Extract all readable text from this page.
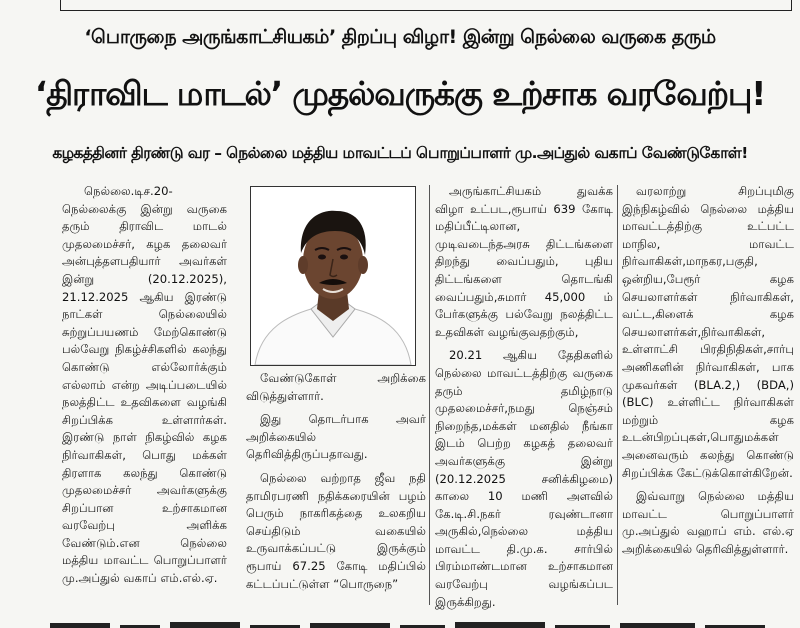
‘பொருநை அருங்காட்சியகம்’ திறப்பு விழா! இன்று நெல்லை வருகை தரும்
‘திராவிட மாடல்’ முதல்வருக்கு உற்சாக வரவேற்பு!
கழகத்தினர் திரண்டு வர – நெல்லை மத்திய மாவட்டப் பொறுப்பாளர் மு.அப்துல் வகாப் வேண்டுகோள்!

நெல்லை.டிச.20- நெல்லைக்கு இன்று வருகை தரும் திராவிட மாடல் முதலமைச்சர், கழக தலைவர் அன்புத்தளபதியார் அவர்கள் இன்று (20.12.2025), 21.12.2025 ஆகிய இரண்டு நாட்கள் நெல்லையில் சுற்றுப்பயணம் மேற்கொண்டு பல்வேறு நிகழ்ச்சிகளில் கலந்து கொண்டு எல்லோர்க்கும் எல்லாம் என்ற அடிப்படையில் நலத்திட்ட உதவிகளை வழங்கி சிறப்பிக்க உள்ளார்கள். இரண்டு நாள் நிகழ்வில் கழக நிர்வாகிகள், பொது மக்கள் திரளாக கலந்து கொண்டு முதலமைச்சர் அவர்களுக்கு சிறப்பான உற்சாகமான வரவேற்பு அளிக்க வேண்டும்.என நெல்லை மத்திய மாவட்ட பொறுப்பாளர் மு.அப்துல் வகாப் எம்.எல்.ஏ.

வேண்டுகோள் அறிக்கை விடுத்துள்ளார்.

இது தொடர்பாக அவர் அறிக்கையில் தெரிவித்திருப்பதாவது.

நெல்லை வற்றாத ஜீவ நதி தாமிரபரணி நதிக்கரையின் பழம் பெரும் நாகரிகத்தை உலகறிய செய்திடும் வகையில் உருவாக்கப்பட்டு இருக்கும் ரூபாய் 67.25 கோடி மதிப்பில் கட்டப்பட்டுள்ள “பொருநை”

அருங்காட்சியகம் துவக்க விழா உட்பட,ரூபாய் 639 கோடி மதிப்பீட்டிலான, முடிவடைந்தஅரசு திட்டங்களை திறந்து வைப்பதும், புதிய திட்டங்களை தொடங்கி வைப்பதும்,சுமார் 45,000 ம் பேர்களுக்கு பல்வேறு நலத்திட்ட உதவிகள் வழங்குவதற்கும்,

20.21 ஆகிய தேதிகளில் நெல்லை மாவட்டத்திற்கு வருகை தரும் தமிழ்நாடு முதலமைச்சர்,நமது நெஞ்சம் நிறைந்த,மக்கள் மனதில் நீங்கா இடம் பெற்ற கழகத் தலைவர் அவர்களுக்கு இன்று (20.12.2025 சனிக்கிழமை) காலை 10 மணி அளவில் கே.டி.சி.நகர் ரவுண்டானா அருகில்,நெல்லை மத்திய மாவட்ட தி.மு.க. சார்பில் பிரம்மாண்டமான உற்சாகமான வரவேற்பு வழங்கப்பட இருக்கிறது.

வரலாற்று சிறப்புமிகு இந்நிகழ்வில் நெல்லை மத்திய மாவட்டத்திற்கு உட்பட்ட மாநில, மாவட்ட நிர்வாகிகள்,மாநகர,பகுதி, ஒன்றிய,பேரூர் கழக செயலாளர்கள் நிர்வாகிகள், வட்ட,கிளைக் கழக செயலாளர்கள்,நிர்வாகிகள், உள்ளாட்சி பிரதிநிதிகள்,சார்பு அணிகளின் நிர்வாகிகள், பாக முகவர்கள் (BLA.2,) (BDA,) (BLC) உள்ளிட்ட நிர்வாகிகள் மற்றும் கழக உடன்பிறப்புகள்,பொதுமக்கள் அனைவரும் கலந்து கொண்டு சிறப்பிக்க கேட்டுக்கொள்கிறேன்.

இவ்வாறு நெல்லை மத்திய மாவட்ட பொறுப்பாளர் மு.அப்துல் வஹாப் எம். எல்.ஏ அறிக்கையில் தெரிவித்துள்ளார்.
